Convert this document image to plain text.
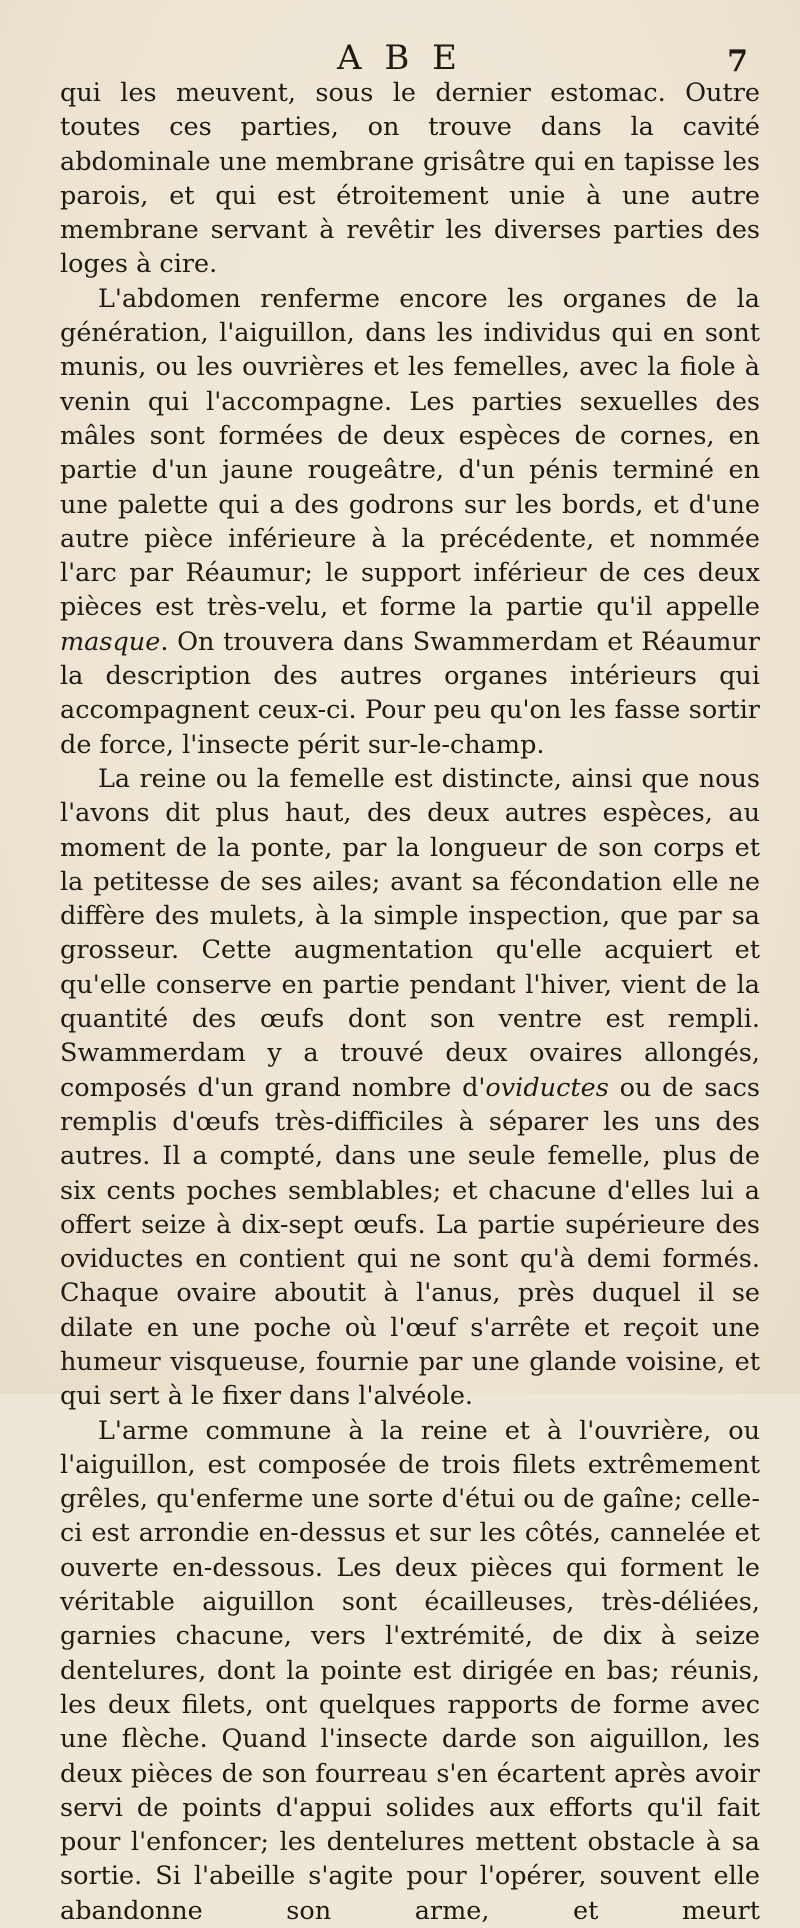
A B E	7

qui les meuvent, sous le dernier estomac. Outre toutes ces parties, on trouve dans la cavité abdominale une membrane grisâtre qui en tapisse les parois, et qui est étroitement unie à une autre membrane servant à revêtir les diverses parties des loges à cire.

L'abdomen renferme encore les organes de la génération, l'aiguillon, dans les individus qui en sont munis, ou les ouvrières et les femelles, avec la fiole à venin qui l'accompagne. Les parties sexuelles des mâles sont formées de deux espèces de cornes, en partie d'un jaune rougeâtre, d'un pénis terminé en une palette qui a des godrons sur les bords, et d'une autre pièce inférieure à la précédente, et nommée l'arc par Réaumur; le support inférieur de ces deux pièces est très-velu, et forme la partie qu'il appelle masque. On trouvera dans Swammerdam et Réaumur la description des autres organes intérieurs qui accompagnent ceux-ci. Pour peu qu'on les fasse sortir de force, l'insecte périt sur-le-champ.

La reine ou la femelle est distincte, ainsi que nous l'avons dit plus haut, des deux autres espèces, au moment de la ponte, par la longueur de son corps et la petitesse de ses ailes; avant sa fécondation elle ne diffère des mulets, à la simple inspection, que par sa grosseur. Cette augmentation qu'elle acquiert et qu'elle conserve en partie pendant l'hiver, vient de la quantité des œufs dont son ventre est rempli. Swammerdam y a trouvé deux ovaires allongés, composés d'un grand nombre d'oviductes ou de sacs remplis d'œufs très-difficiles à séparer les uns des autres. Il a compté, dans une seule femelle, plus de six cents poches semblables; et chacune d'elles lui a offert seize à dix-sept œufs. La partie supérieure des oviductes en contient qui ne sont qu'à demi formés. Chaque ovaire aboutit à l'anus, près duquel il se dilate en une poche où l'œuf s'arrête et reçoit une humeur visqueuse, fournie par une glande voisine, et qui sert à le fixer dans l'alvéole.

L'arme commune à la reine et à l'ouvrière, ou l'aiguillon, est composée de trois filets extrêmement grêles, qu'enferme une sorte d'étui ou de gaîne; celle-ci est arrondie en-dessus et sur les côtés, cannelée et ouverte en-dessous. Les deux pièces qui forment le véritable aiguillon sont écailleuses, très-déliées, garnies chacune, vers l'extrémité, de dix à seize dentelures, dont la pointe est dirigée en bas; réunis, les deux filets, ont quelques rapports de forme avec une flèche. Quand l'insecte darde son aiguillon, les deux pièces de son fourreau s'en écartent après avoir servi de points d'appui solides aux efforts qu'il fait pour l'enfoncer; les dentelures mettent obstacle à sa sortie. Si l'abeille s'agite pour l'opérer, souvent elle abandonne son arme, et meurt
